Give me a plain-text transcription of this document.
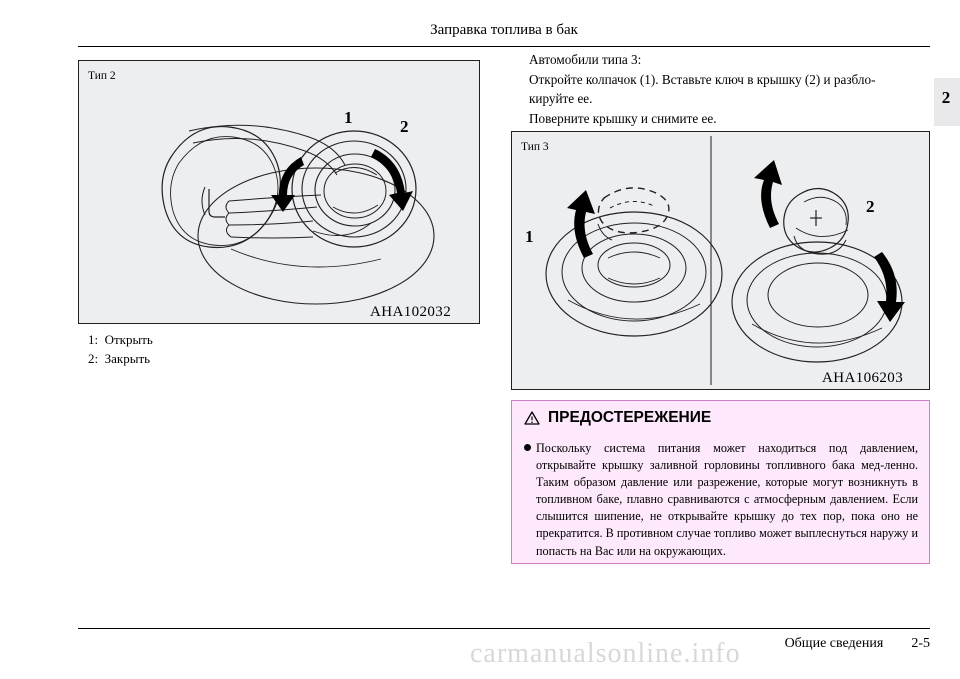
Заправка топлива в бак
2
Тип 2
AHA102032
1	2
1:  Открыть
2:  Закрыть

Автомобили типа 3:

Откройте колпачок (1). Вставьте ключ в крышку (2) и разбло-

кируйте ее.

Поверните крышку и снимите ее.

Тип 3
AHA106203
1
2
ПРЕДОСТЕРЕЖЕНИЕ

Поскольку система питания может находиться под давлением, открывайте крышку заливной горловины топливного бака мед-ленно. Таким образом давление или разрежение, которые могут возникнуть в топливном баке, плавно сравниваются с атмосферным давлением. Если слышится шипение, не открывайте крышку до тех пор, пока оно не прекратится. В противном случае топливо может выплеснуться наружу и попасть на Вас или на окружающих.

Общие сведения 2-5
carmanualsonline.info
